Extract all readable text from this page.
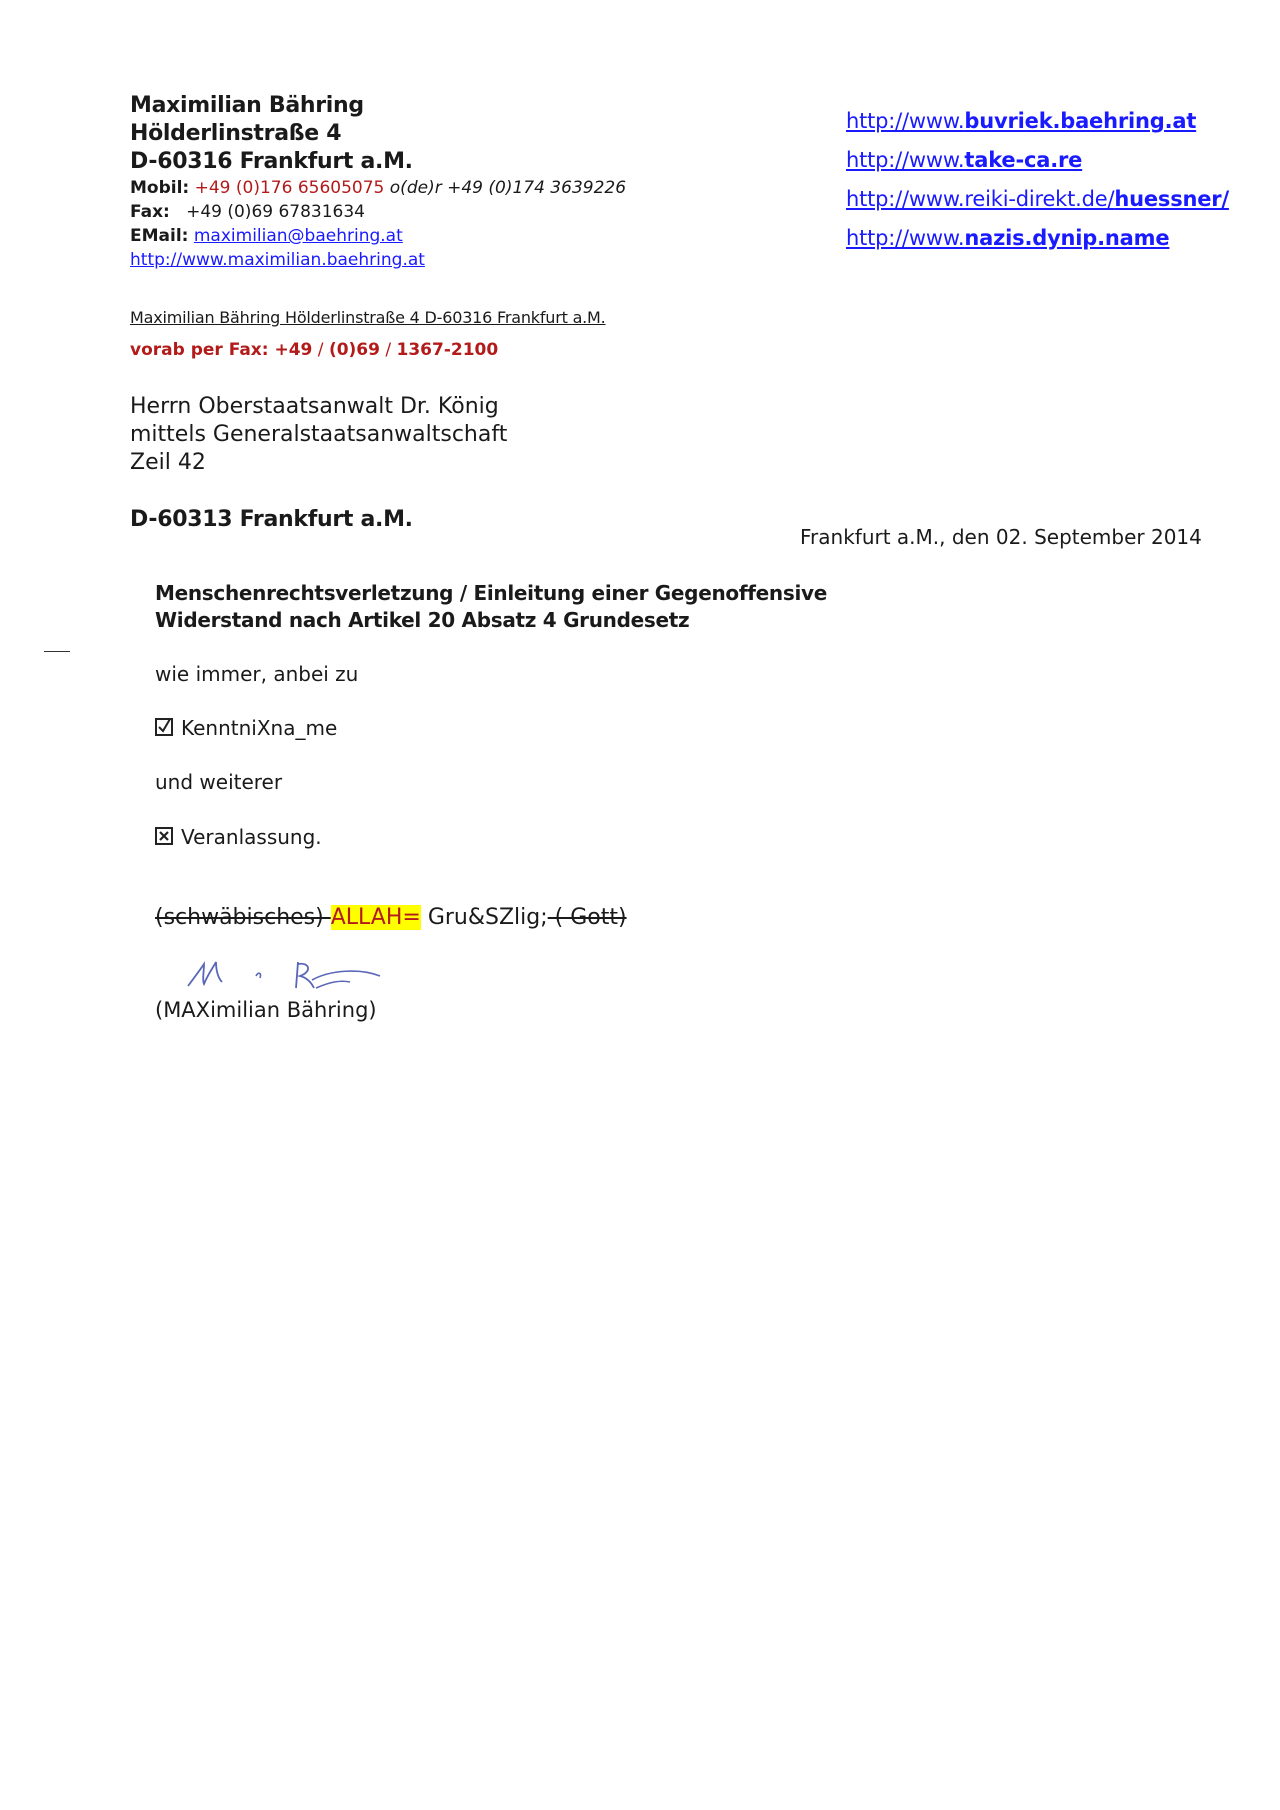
Maximilian Bähring
Hölderlinstraße 4
D-60316 Frankfurt a.M.
Mobil: +49 (0)176 65605075 o(de)r +49 (0)174 3639226
Fax: +49 (0)69 67831634
EMail: maximilian@baehring.at
http://www.maximilian.baehring.at
http://www.buvriek.baehring.at
http://www.take-ca.re
http://www.reiki-direkt.de/huessner/
http://www.nazis.dynip.name
Maximilian Bähring Hölderlinstraße 4 D-60316 Frankfurt a.M.
vorab per Fax: +49 / (0)69 / 1367-2100
Herrn Oberstaatsanwalt Dr. König
mittels Generalstaatsanwaltschaft
Zeil 42
D-60313 Frankfurt a.M.
Frankfurt a.M., den 02. September 2014
Menschenrechtsverletzung / Einleitung einer Gegenoffensive
Widerstand nach Artikel 20 Absatz 4 Grundesetz
wie immer, anbei zu
KenntniXna_me
und weiterer
Veranlassung.
(schwäbisches) ALLAH= Gru&SZlig; ( Gott)
(MAXimilian Bähring)
